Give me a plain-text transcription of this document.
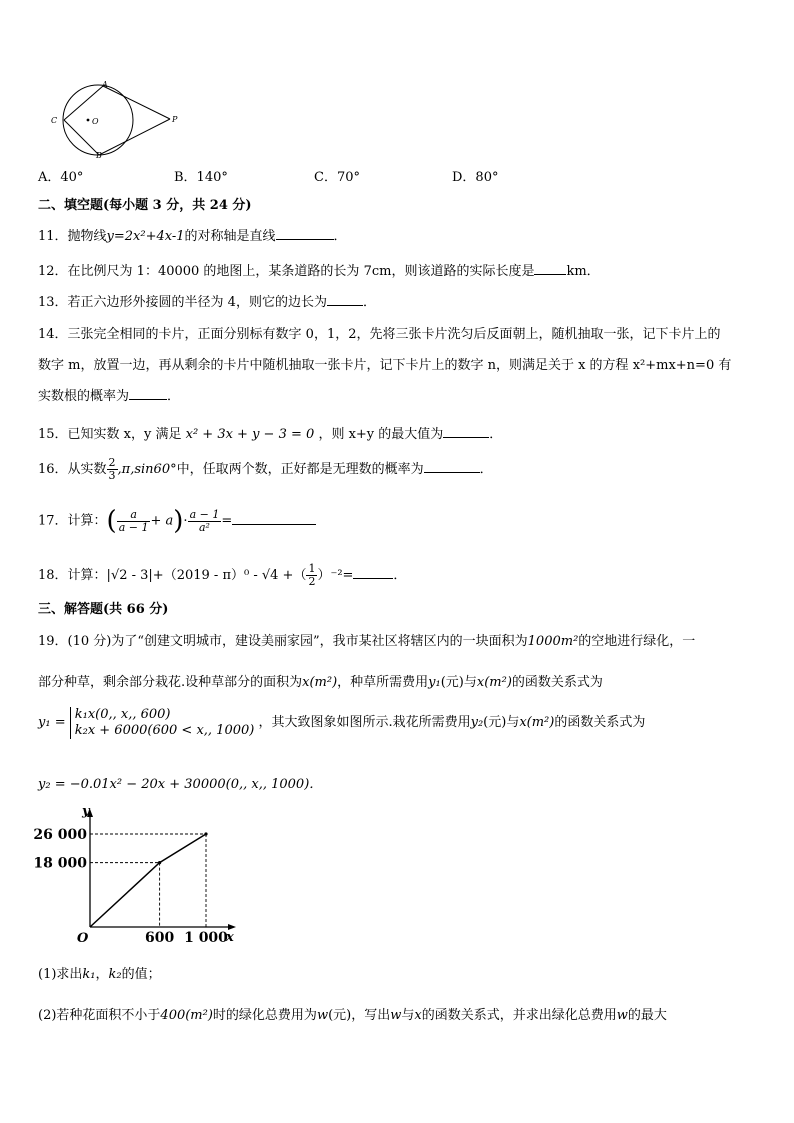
A
B
C	O	P
A．40°	B．140°	C．70°	D．80°
二、填空题(每小题 3 分，共 24 分)
11．抛物线y=2x²+4x-1的对称轴是直线	．
12．在比例尺为 1：40000 的地图上，某条道路的长为 7cm，则该道路的实际长度是 km．
13．若正六边形外接圆的半径为 4，则它的边长为	．
14．三张完全相同的卡片，正面分别标有数字 0，1，2，先将三张卡片洗匀后反面朝上，随机抽取一张，记下卡片上的
数字 m，放置一边，再从剩余的卡片中随机抽取一张卡片，记下卡片上的数字 n，则满足关于 x 的方程 x²+mx+n=0 有
实数根的概率为	．
15．已知实数 x，y 满足 x² + 3x + y − 3 = 0 ，则 x+y 的最大值为	．
16．从实数 $\frac{2}{3} ,\pi,\sin 60^\circ$中，任取两个数，正好都是无理数的概率为	．
17．计算：( $\frac{a}{a - 1} + a)\cdot \frac{a - 1}{\text{a²}}$ =
18．计算：|√2 - 3|+（2019 - π）⁰ - √4 +（ $\frac{1}{2} )^{-2}=$	．
三、解答题(共 66 分)
19．(10 分)为了“创建文明城市，建设美丽家园”，我市某社区将辖区内的一块面积为1000m²的空地进行绿化，一
部分种草，剩余部分栽花.设种草部分的面积为x(m²)，种草所需费用y₁(元)与x(m²)的函数关系式为
y₁ =
k₁x(0,, x,, 600)
k₂x + 6000(600 < x,, 1000)
，其大致图象如图所示.栽花所需费用y₂(元)与x(m²)的函数关系式为
y₂ = −0.01x² − 20x + 30000(0,, x,, 1000)．
y
x
O
26 000
18 000
600 1 000
(1)求出k₁，k₂的值；
(2)若种花面积不小于400(m²)时的绿化总费用为w(元)，写出w与x的函数关系式，并求出绿化总费用w的最大
